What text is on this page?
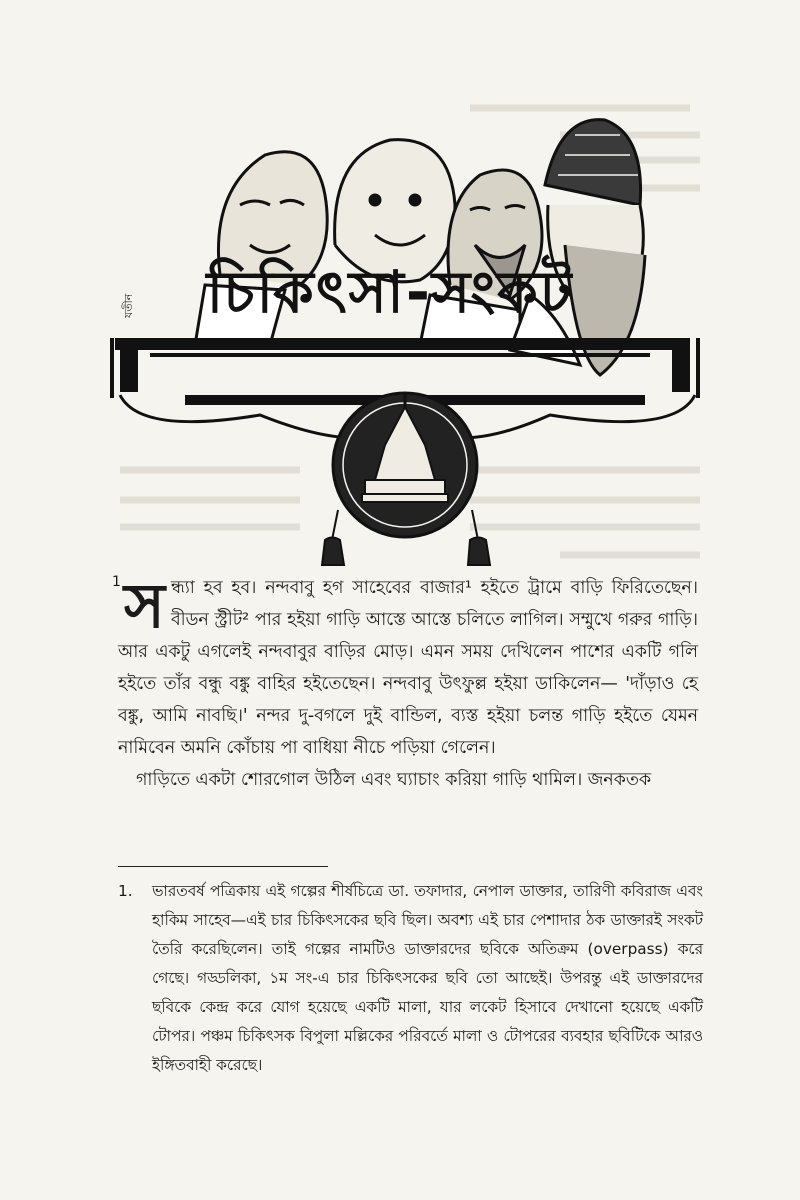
চিকিৎসা-সংকট
যতীন
1 স ন্ধ্যা হব হব। নন্দবাবু হগ সাহেবের বাজার¹ হইতে ট্রামে বাড়ি ফিরিতেছেন। বীডন স্ট্রীট² পার হইয়া গাড়ি আস্তে আস্তে চলিতে লাগিল। সম্মুখে গরুর গাড়ি। আর একটু এগলেই নন্দবাবুর বাড়ির মোড়। এমন সময় দেখিলেন পাশের একটি গলি হইতে তাঁর বন্ধু বঙ্কু বাহির হইতেছেন। নন্দবাবু উৎফুল্ল হইয়া ডাকিলেন— 'দাঁড়াও হে বঙ্কু, আমি নাবছি।' নন্দর দু-বগলে দুই বান্ডিল, ব্যস্ত হইয়া চলন্ত গাড়ি হইতে যেমন নামিবেন অমনি কোঁচায় পা বাধিয়া নীচে পড়িয়া গেলেন।

গাড়িতে একটা শোরগোল উঠিল এবং ঘ্যাচাং করিয়া গাড়ি থামিল। জনকতক

1.	ভারতবর্ষ পত্রিকায় এই গল্পের শীর্ষচিত্রে ডা. তফাদার, নেপাল ডাক্তার, তারিণী কবিরাজ এবং হাকিম সাহেব—এই চার চিকিৎসকের ছবি ছিল। অবশ্য এই চার পেশাদার ঠক ডাক্তারই সংকট তৈরি করেছিলেন। তাই গল্পের নামটিও ডাক্তারদের ছবিকে অতিক্রম (overpass) করে গেছে। গড্ডলিকা, ১ম সং-এ চার চিকিৎসকের ছবি তো আছেই। উপরন্তু এই ডাক্তারদের ছবিকে কেন্দ্র করে যোগ হয়েছে একটি মালা, যার লকেট হিসাবে দেখানো হয়েছে একটি টোপর। পঞ্চম চিকিৎসক বিপুলা মল্লিকের পরিবর্তে মালা ও টোপরের ব্যবহার ছবিটিকে আরও ইঙ্গিতবাহী করেছে।
